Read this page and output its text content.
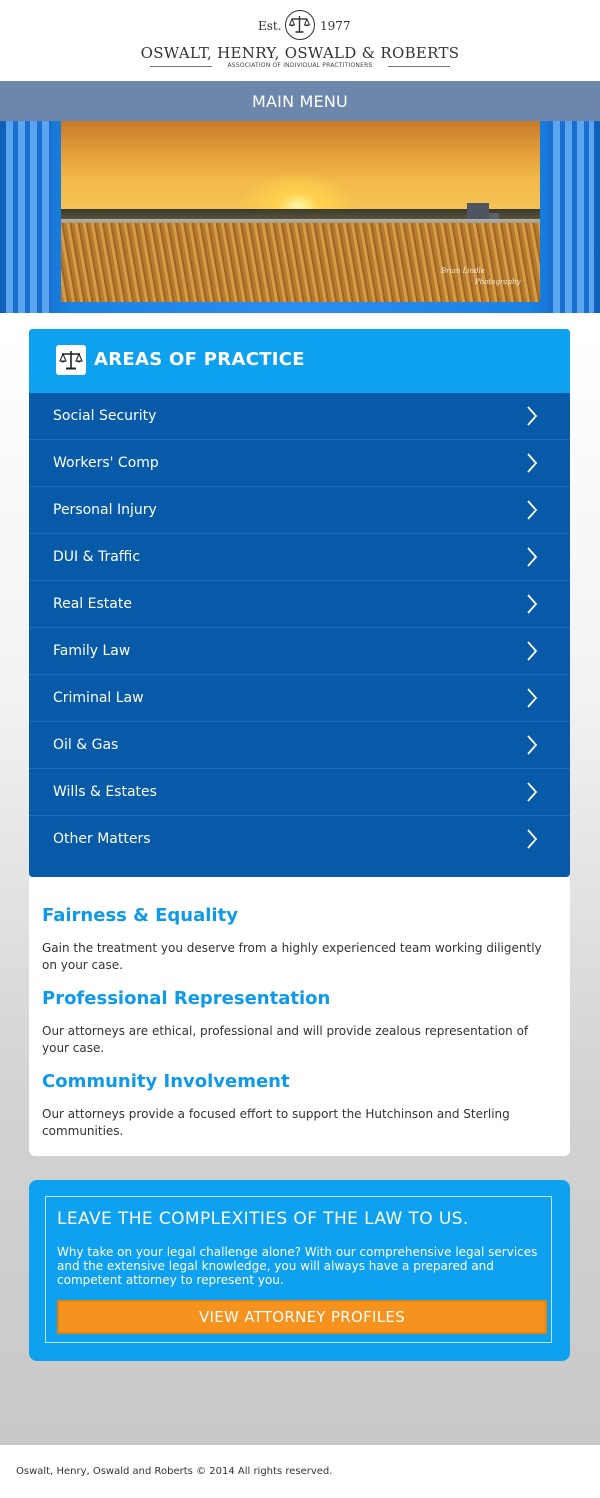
Est.	1977
OSWALT, HENRY, OSWALD & ROBERTS
ASSOCIATION OF INDIVIDUAL PRACTITIONERS
MAIN MENU
Brian Lindle
Photography
AREAS OF PRACTICE
Social Security
Workers' Comp
Personal Injury
DUI & Traffic
Real Estate
Family Law
Criminal Law
Oil & Gas
Wills & Estates
Other Matters
Fairness & Equality
Gain the treatment you deserve from a highly experienced team working diligently on your case.
Professional Representation
Our attorneys are ethical, professional and will provide zealous representation of your case.
Community Involvement
Our attorneys provide a focused effort to support the Hutchinson and Sterling communities.
LEAVE THE COMPLEXITIES OF THE LAW TO US.
Why take on your legal challenge alone? With our comprehensive legal services and the extensive legal knowledge, you will always have a prepared and competent attorney to represent you.
VIEW ATTORNEY PROFILES
Oswalt, Henry, Oswald and Roberts © 2014 All rights reserved.
